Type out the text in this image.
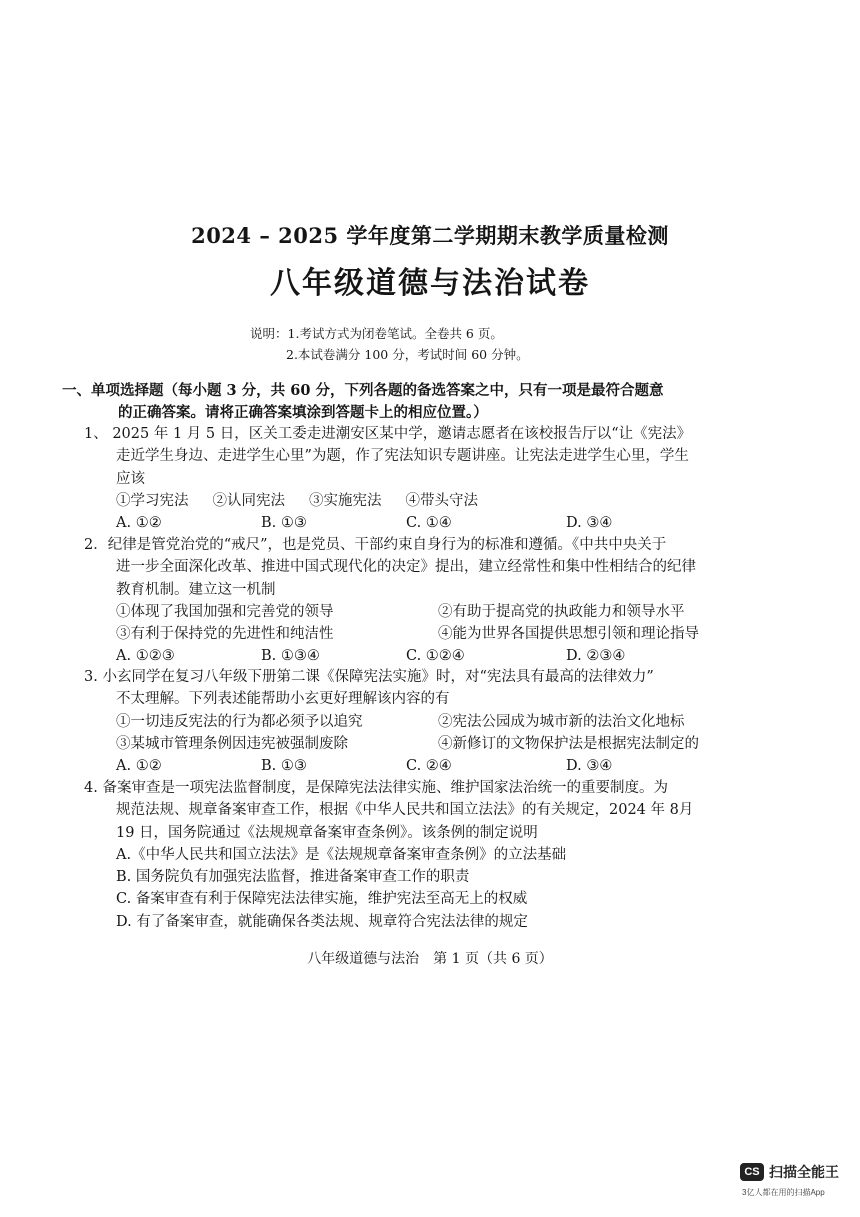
2024 – 2025 学年度第二学期期末教学质量检测
八年级道德与法治试卷
说明：1.考试方式为闭卷笔试。全卷共 6 页。
2.本试卷满分 100 分，考试时间 60 分钟。
一、单项选择题（每小题 3 分，共 60 分，下列各题的备选答案之中，只有一项是最符合题意
的正确答案。请将正确答案填涂到答题卡上的相应位置。）
1、 2025 年 1 月 5 日，区关工委走进潮安区某中学，邀请志愿者在该校报告厅以“让《宪法》
走近学生身边、走进学生心里”为题，作了宪法知识专题讲座。让宪法走进学生心里，学生
应该
①学习宪法 ②认同宪法 ③实施宪法 ④带头守法
A. ①②	B. ①③	C. ①④	D. ③④
2．纪律是管党治党的“戒尺”，也是党员、干部约束自身行为的标准和遵循。《中共中央关于
进一步全面深化改革、推进中国式现代化的决定》提出，建立经常性和集中性相结合的纪律
教育机制。建立这一机制
①体现了我国加强和完善党的领导	②有助于提高党的执政能力和领导水平
③有利于保持党的先进性和纯洁性	④能为世界各国提供思想引领和理论指导
A. ①②③	B. ①③④	C. ①②④	D. ②③④
3. 小玄同学在复习八年级下册第二课《保障宪法实施》时，对“宪法具有最高的法律效力”
不太理解。下列表述能帮助小玄更好理解该内容的有
①一切违反宪法的行为都必须予以追究	②宪法公园成为城市新的法治文化地标
③某城市管理条例因违宪被强制废除	④新修订的文物保护法是根据宪法制定的
A. ①②	B. ①③	C. ②④	D. ③④
4. 备案审查是一项宪法监督制度，是保障宪法法律实施、维护国家法治统一的重要制度。为
规范法规、规章备案审查工作，根据《中华人民共和国立法法》的有关规定，2024 年 8月
19 日，国务院通过《法规规章备案审查条例》。该条例的制定说明
A.《中华人民共和国立法法》是《法规规章备案审查条例》的立法基础
B. 国务院负有加强宪法监督，推进备案审查工作的职责
C. 备案审查有利于保障宪法法律实施，维护宪法至高无上的权威
D. 有了备案审查，就能确保各类法规、规章符合宪法法律的规定
八年级道德与法治　第 1 页（共 6 页）
CS 扫描全能王
3亿人都在用的扫描App
